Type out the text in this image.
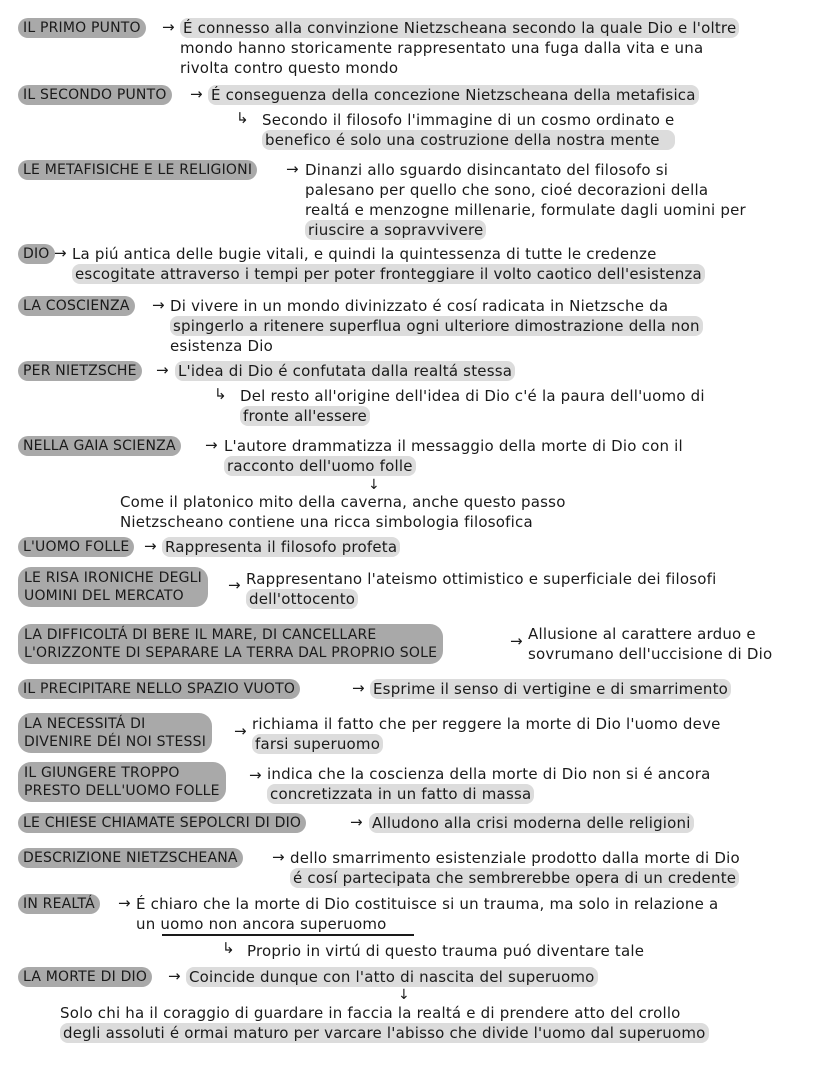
IL PRIMO PUNTO	→ É connesso alla convinzione Nietzscheana secondo la quale Dio e l'oltre
mondo hanno storicamente rappresentato una fuga dalla vita e una
rivolta contro questo mondo
IL SECONDO PUNTO	→ É conseguenza della concezione Nietzscheana della metafisica
↳ Secondo il filosofo l'immagine di un cosmo ordinato e
benefico é solo una costruzione della nostra mente
LE METAFISICHE E LE RELIGIONI	→ Dinanzi allo sguardo disincantato del filosofo si
palesano per quello che sono, cioé decorazioni della
realtá e menzogne millenarie, formulate dagli uomini per
riuscire a sopravvivere
DIO → La piú antica delle bugie vitali, e quindi la quintessenza di tutte le credenze
escogitate attraverso i tempi per poter fronteggiare il volto caotico dell'esistenza
LA COSCIENZA	→ Di vivere in un mondo divinizzato é cosí radicata in Nietzsche da
spingerlo a ritenere superflua ogni ulteriore dimostrazione della non
esistenza Dio
PER NIETZSCHE	→ L'idea di Dio é confutata dalla realtá stessa
↳ Del resto all'origine dell'idea di Dio c'é la paura dell'uomo di
fronte all'essere
NELLA GAIA SCIENZA	→ L'autore drammatizza il messaggio della morte di Dio con il
racconto dell'uomo folle
↓
Come il platonico mito della caverna, anche questo passo
Nietzscheano contiene una ricca simbologia filosofica
L'UOMO FOLLE → Rappresenta il filosofo profeta
LE RISA IRONICHE DEGLI
UOMINI DEL MERCATO
→ Rappresentano l'ateismo ottimistico e superficiale dei filosofi
dell'ottocento
LA DIFFICOLTÁ DI BERE IL MARE, DI CANCELLARE
L'ORIZZONTE DI SEPARARE LA TERRA DAL PROPRIO SOLE
→ Allusione al carattere arduo e
sovrumano dell'uccisione di Dio
IL PRECIPITARE NELLO SPAZIO VUOTO	→ Esprime il senso di vertigine e di smarrimento
LA NECESSITÁ DI
DIVENIRE DÉI NOI STESSI
→ richiama il fatto che per reggere la morte di Dio l'uomo deve
farsi superuomo
IL GIUNGERE TROPPO
PRESTO DELL'UOMO FOLLE
→ indica che la coscienza della morte di Dio non si é ancora
concretizzata in un fatto di massa
LE CHIESE CHIAMATE SEPOLCRI DI DIO	→ Alludono alla crisi moderna delle religioni
DESCRIZIONE NIETZSCHEANA	→ dello smarrimento esistenziale prodotto dalla morte di Dio
é cosí partecipata che sembrerebbe opera di un credente
IN REALTÁ	→ É chiaro che la morte di Dio costituisce si un trauma, ma solo in relazione a
un uomo non ancora superuomo
↳ Proprio in virtú di questo trauma puó diventare tale
LA MORTE DI DIO	→ Coincide dunque con l'atto di nascita del superuomo
↓
Solo chi ha il coraggio di guardare in faccia la realtá e di prendere atto del crollo
degli assoluti é ormai maturo per varcare l'abisso che divide l'uomo dal superuomo
